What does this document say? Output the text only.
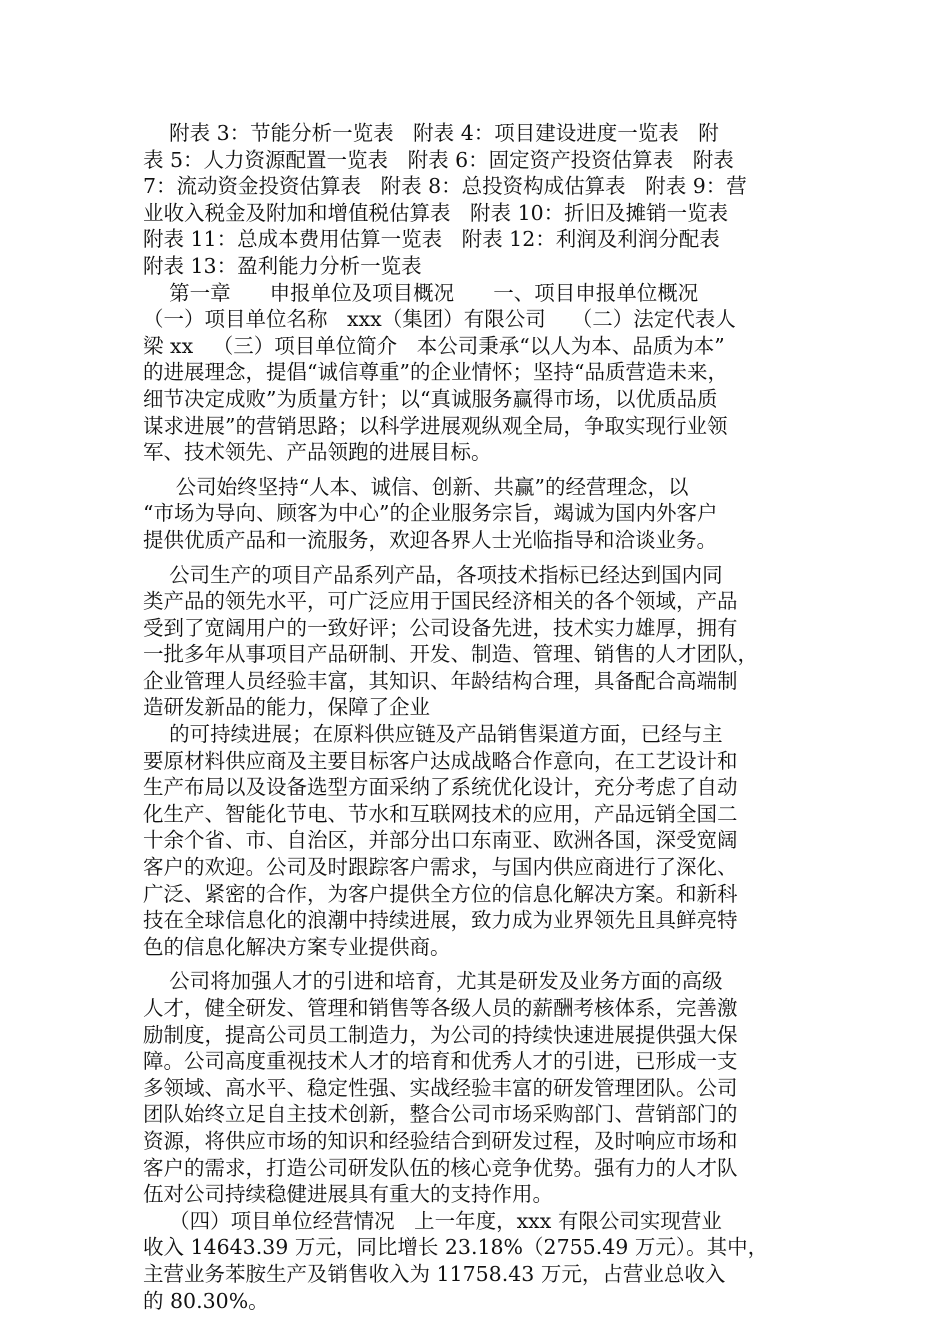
附表 3：节能分析一览表   附表 4：项目建设进度一览表   附
表 5：人力资源配置一览表   附表 6：固定资产投资估算表   附表
7：流动资金投资估算表   附表 8：总投资构成估算表   附表 9：营
业收入税金及附加和增值税估算表   附表 10：折旧及摊销一览表
附表 11：总成本费用估算一览表   附表 12：利润及利润分配表
附表 13：盈利能力分析一览表
第一章      申报单位及项目概况      一、项目申报单位概况
（一）项目单位名称   xxx（集团）有限公司    （二）法定代表人
梁 xx   （三）项目单位简介   本公司秉承“以人为本、品质为本”
的进展理念，提倡“诚信尊重”的企业情怀；坚持“品质营造未来，
细节决定成败”为质量方针；以“真诚服务赢得市场，以优质品质
谋求进展”的营销思路；以科学进展观纵观全局，争取实现行业领
军、技术领先、产品领跑的进展目标。
公司始终坚持“人本、诚信、创新、共赢”的经营理念，以
“市场为导向、顾客为中心”的企业服务宗旨，竭诚为国内外客户
提供优质产品和一流服务，欢迎各界人士光临指导和洽谈业务。
公司生产的项目产品系列产品，各项技术指标已经达到国内同
类产品的领先水平，可广泛应用于国民经济相关的各个领域，产品
受到了宽阔用户的一致好评；公司设备先进，技术实力雄厚，拥有
一批多年从事项目产品研制、开发、制造、管理、销售的人才团队，
企业管理人员经验丰富，其知识、年龄结构合理，具备配合高端制
造研发新品的能力，保障了企业
的可持续进展；在原料供应链及产品销售渠道方面，已经与主
要原材料供应商及主要目标客户达成战略合作意向，在工艺设计和
生产布局以及设备选型方面采纳了系统优化设计，充分考虑了自动
化生产、智能化节电、节水和互联网技术的应用，产品远销全国二
十余个省、市、自治区，并部分出口东南亚、欧洲各国，深受宽阔
客户的欢迎。公司及时跟踪客户需求，与国内供应商进行了深化、
广泛、紧密的合作，为客户提供全方位的信息化解决方案。和新科
技在全球信息化的浪潮中持续进展，致力成为业界领先且具鲜亮特
色的信息化解决方案专业提供商。
公司将加强人才的引进和培育，尤其是研发及业务方面的高级
人才，健全研发、管理和销售等各级人员的薪酬考核体系，完善激
励制度，提高公司员工制造力，为公司的持续快速进展提供强大保
障。公司高度重视技术人才的培育和优秀人才的引进，已形成一支
多领域、高水平、稳定性强、实战经验丰富的研发管理团队。公司
团队始终立足自主技术创新，整合公司市场采购部门、营销部门的
资源，将供应市场的知识和经验结合到研发过程，及时响应市场和
客户的需求，打造公司研发队伍的核心竞争优势。强有力的人才队
伍对公司持续稳健进展具有重大的支持作用。
（四）项目单位经营情况   上一年度，xxx 有限公司实现营业
收入 14643.39 万元，同比增长 23.18%（2755.49 万元）。其中，
主营业务苯胺生产及销售收入为 11758.43 万元，占营业总收入
的 80.30%。
